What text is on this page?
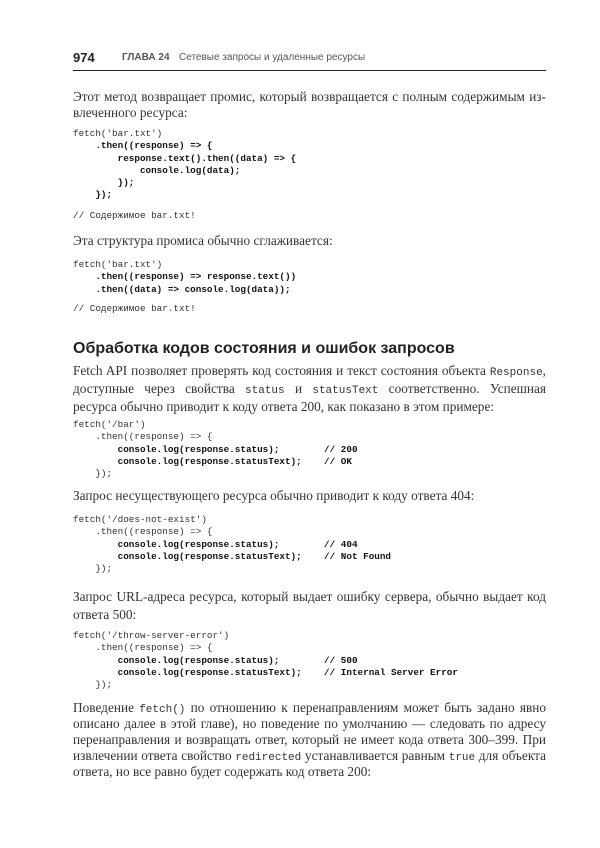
974	ГЛАВА 24 Сетевые запросы и удаленные ресурсы
Этот метод возвращает промис, который возвращается с полным содержимым из-
влеченного ресурса:
fetch('bar.txt')
.then((response) => {
response.text().then((data) => {
console.log(data);
});
});
// Содержимое bar.txt!
Эта структура промиса обычно сглаживается:
fetch('bar.txt')
.then((response) => response.text())
.then((data) => console.log(data));
// Содержимое bar.txt!
Обработка кодов состояния и ошибок запросов
Fetch API позволяет проверять код состояния и текст состояния объекта Response,
доступные через свойства status и statusText соответственно. Успешная
ресурса обычно приводит к коду ответа 200, как показано в этом примере:
fetch('/bar')
.then((response) => {
console.log(response.status);        // 200
console.log(response.statusText);    // OK
});
Запрос несуществующего ресурса обычно приводит к коду ответа 404:
fetch('/does-not-exist')
.then((response) => {
console.log(response.status);        // 404
console.log(response.statusText);    // Not Found
});
Запрос URL-адреса ресурса, который выдает ошибку сервера, обычно выдает код
ответа 500:
fetch('/throw-server-error')
.then((response) => {
console.log(response.status);        // 500
console.log(response.statusText);    // Internal Server Error
});
Поведение fetch() по отношению к перенаправлениям может быть задано явно
описано далее в этой главе), но поведение по умолчанию — следовать по адресу
перенаправления и возвращать ответ, который не имеет кода ответа 300–399. При
извлечении ответа свойство redirected устанавливается равным true для объекта
ответа, но все равно будет содержать код ответа 200:
